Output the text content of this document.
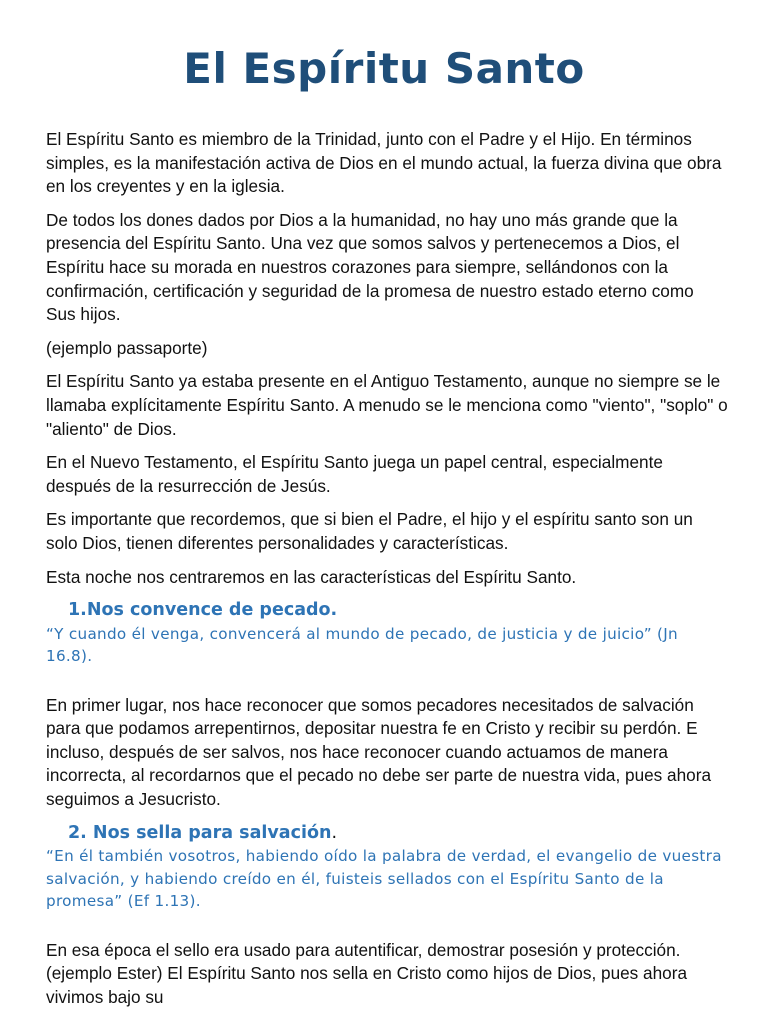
El Espíritu Santo

El Espíritu Santo es miembro de la Trinidad, junto con el Padre y el Hijo. En términos simples, es la manifestación activa de Dios en el mundo actual, la fuerza divina que obra en los creyentes y en la iglesia.

De todos los dones dados por Dios a la humanidad, no hay uno más grande que la presencia del Espíritu Santo. Una vez que somos salvos y pertenecemos a Dios, el Espíritu hace su morada en nuestros corazones para siempre, sellándonos con la confirmación, certificación y seguridad de la promesa de nuestro estado eterno como Sus hijos.

(ejemplo passaporte)

El Espíritu Santo ya estaba presente en el Antiguo Testamento, aunque no siempre se le llamaba explícitamente Espíritu Santo. A menudo se le menciona como "viento", "soplo" o "aliento" de Dios.

En el Nuevo Testamento, el Espíritu Santo juega un papel central, especialmente después de la resurrección de Jesús.

Es importante que recordemos, que si bien el Padre, el hijo y el espíritu santo son un solo Dios, tienen diferentes personalidades y características.

Esta noche nos centraremos en las características del Espíritu Santo.

1.Nos convence de pecado.
“Y cuando él venga, convencerá al mundo de pecado, de justicia y de juicio” (Jn 16.8).

En primer lugar, nos hace reconocer que somos pecadores necesitados de salvación para que podamos arrepentirnos, depositar nuestra fe en Cristo y recibir su perdón. E incluso, después de ser salvos, nos hace reconocer cuando actuamos de manera incorrecta, al recordarnos que el pecado no debe ser parte de nuestra vida, pues ahora seguimos a Jesucristo.

2. Nos sella para salvación.
“En él también vosotros, habiendo oído la palabra de verdad, el evangelio de vuestra salvación, y habiendo creído en él, fuisteis sellados con el Espíritu Santo de la promesa” (Ef 1.13).

En esa época el sello era usado para autentificar, demostrar posesión y protección. (ejemplo Ester) El Espíritu Santo nos sella en Cristo como hijos de Dios, pues ahora vivimos bajo su
